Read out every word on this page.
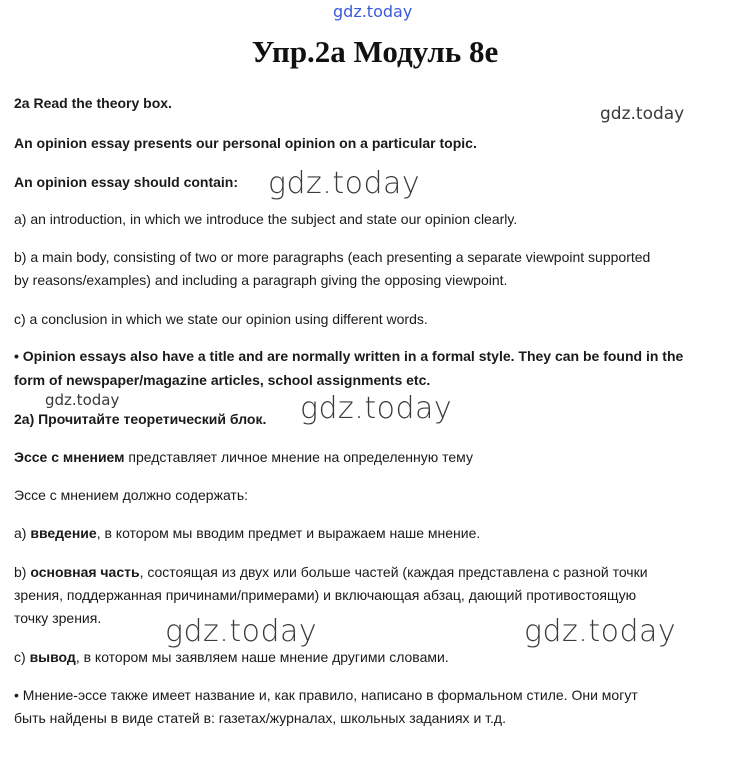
gdz.today
Упр.2а Модуль 8е
gdz.today
gdz.today
gdz.today	gdz.today
gdz.today	gdz.today
2a Read the theory box.
An opinion essay presents our personal opinion on a particular topic.
An opinion essay should contain:
a) an introduction, in which we introduce the subject and state our opinion clearly.
b) a main body, consisting of two or more paragraphs (each presenting a separate viewpoint supported
by reasons/examples) and including a paragraph giving the opposing viewpoint.
c) a conclusion in which we state our opinion using different words.
• Opinion essays also have a title and are normally written in a formal style. They can be found in the
form of newspaper/magazine articles, school assignments etc.
2а) Прочитайте теоретический блок.
Эссе с мнением представляет личное мнение на определенную тему
Эссе с мнением должно содержать:
а) введение, в котором мы вводим предмет и выражаем наше мнение.
b) основная часть, состоящая из двух или больше частей (каждая представлена с разной точки
зрения, поддержанная причинами/примерами) и включающая абзац, дающий противостоящую
точку зрения.
с) вывод, в котором мы заявляем наше мнение другими словами.
• Мнение-эссе также имеет название и, как правило, написано в формальном стиле. Они могут
быть найдены в виде статей в: газетах/журналах, школьных заданиях и т.д.
